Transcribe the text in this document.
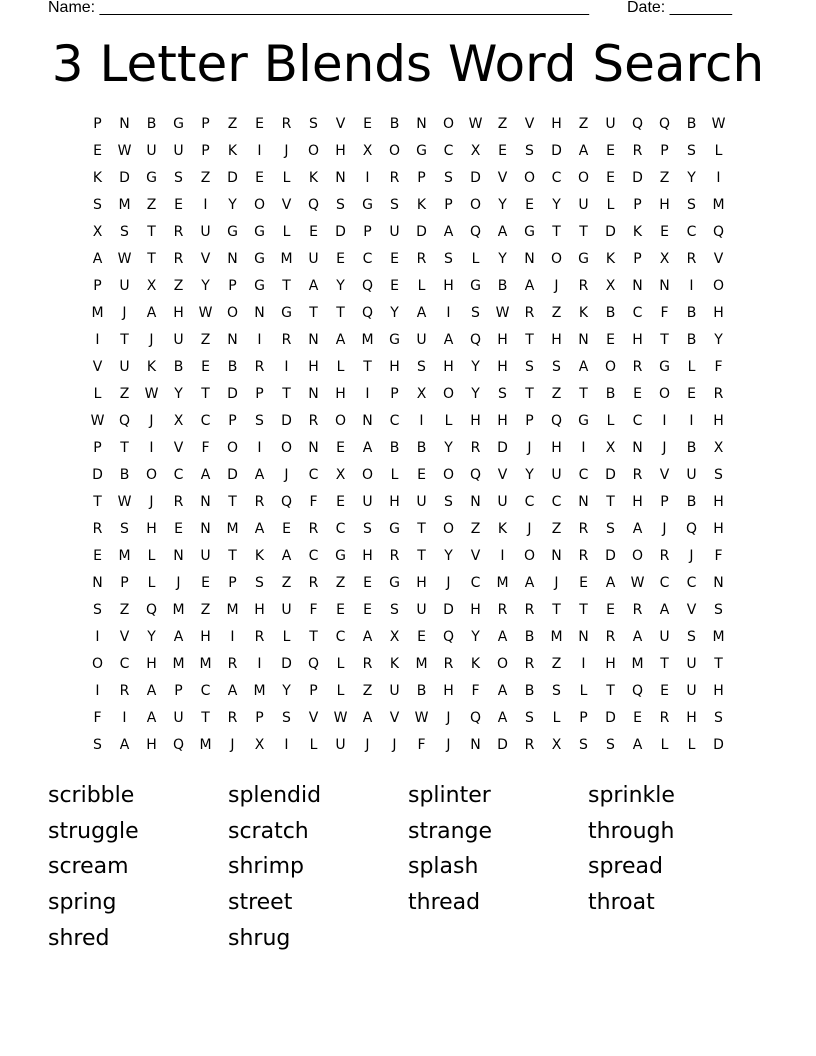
Name: _______________________________________________________ Date: _______
3 Letter Blends Word Search
P	N	B	G	P	Z	E	R	S	V	E	B	N	O	W	Z	V	H	Z	U	Q	Q	B	W
E	W	U	U	P	K	I	J	O	H	X	O	G	C	X	E	S	D	A	E	R	P	S	L
K	D	G	S	Z	D	E	L	K	N	I	R	P	S	D	V	O	C	O	E	D	Z	Y	I
S	M	Z	E	I	Y	O	V	Q	S	G	S	K	P	O	Y	E	Y	U	L	P	H	S	M
X	S	T	R	U	G	G	L	E	D	P	U	D	A	Q	A	G	T	T	D	K	E	C	Q
A	W	T	R	V	N	G	M	U	E	C	E	R	S	L	Y	N	O	G	K	P	X	R	V
P	U	X	Z	Y	P	G	T	A	Y	Q	E	L	H	G	B	A	J	R	X	N	N	I	O
M	J	A	H	W	O	N	G	T	T	Q	Y	A	I	S	W	R	Z	K	B	C	F	B	H
I	T	J	U	Z	N	I	R	N	A	M	G	U	A	Q	H	T	H	N	E	H	T	B	Y
V	U	K	B	E	B	R	I	H	L	T	H	S	H	Y	H	S	S	A	O	R	G	L	F
L	Z	W	Y	T	D	P	T	N	H	I	P	X	O	Y	S	T	Z	T	B	E	O	E	R
W	Q	J	X	C	P	S	D	R	O	N	C	I	L	H	H	P	Q	G	L	C	I	I	H
P	T	I	V	F	O	I	O	N	E	A	B	B	Y	R	D	J	H	I	X	N	J	B	X
D	B	O	C	A	D	A	J	C	X	O	L	E	O	Q	V	Y	U	C	D	R	V	U	S
T	W	J	R	N	T	R	Q	F	E	U	H	U	S	N	U	C	C	N	T	H	P	B	H
R	S	H	E	N	M	A	E	R	C	S	G	T	O	Z	K	J	Z	R	S	A	J	Q	H
E	M	L	N	U	T	K	A	C	G	H	R	T	Y	V	I	O	N	R	D	O	R	J	F
N	P	L	J	E	P	S	Z	R	Z	E	G	H	J	C	M	A	J	E	A	W	C	C	N
S	Z	Q	M	Z	M	H	U	F	E	E	S	U	D	H	R	R	T	T	E	R	A	V	S
I	V	Y	A	H	I	R	L	T	C	A	X	E	Q	Y	A	B	M	N	R	A	U	S	M
O	C	H	M	M	R	I	D	Q	L	R	K	M	R	K	O	R	Z	I	H	M	T	U	T
I	R	A	P	C	A	M	Y	P	L	Z	U	B	H	F	A	B	S	L	T	Q	E	U	H
F	I	A	U	T	R	P	S	V	W	A	V	W	J	Q	A	S	L	P	D	E	R	H	S
S	A	H	Q	M	J	X	I	L	U	J	J	F	J	N	D	R	X	S	S	A	L	L	D
scribble	splendid	splinter	sprinkle
struggle	scratch	strange	through
scream	shrimp	splash	spread
spring	street	thread	throat
shred	shrug
